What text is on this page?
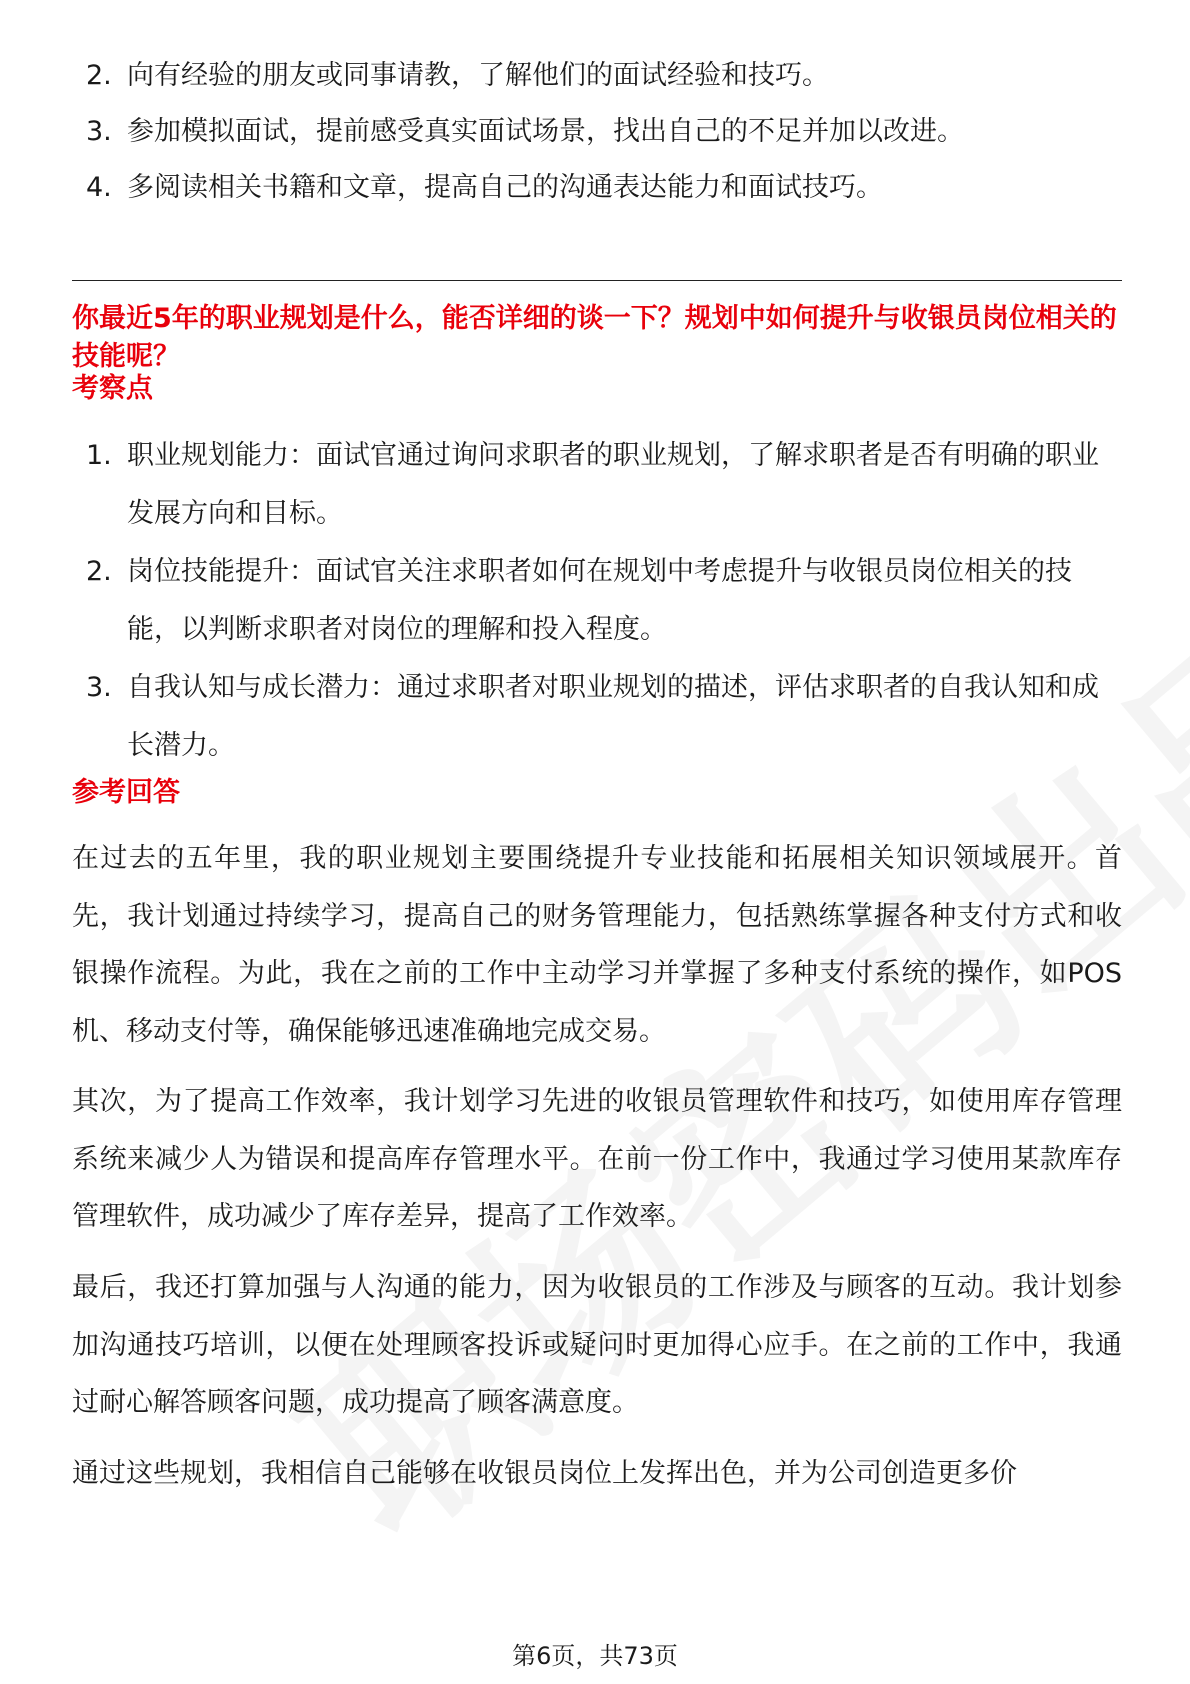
2. 向有经验的朋友或同事请教，了解他们的面试经验和技巧。
3. 参加模拟面试，提前感受真实面试场景，找出自己的不足并加以改进。
4. 多阅读相关书籍和文章，提高自己的沟通表达能力和面试技巧。

你最近5年的职业规划是什么，能否详细的谈一下？规划中如何提升与收银员岗位相关的技能呢？

考察点
1. 职业规划能力：面试官通过询问求职者的职业规划，了解求职者是否有明确的职业发展方向和目标。
2. 岗位技能提升：面试官关注求职者如何在规划中考虑提升与收银员岗位相关的技能，以判断求职者对岗位的理解和投入程度。
3. 自我认知与成长潜力：通过求职者对职业规划的描述，评估求职者的自我认知和成长潜力。
参考回答

在过去的五年里，我的职业规划主要围绕提升专业技能和拓展相关知识领域展开。首先，我计划通过持续学习，提高自己的财务管理能力，包括熟练掌握各种支付方式和收银操作流程。为此，我在之前的工作中主动学习并掌握了多种支付系统的操作，如POS机、移动支付等，确保能够迅速准确地完成交易。

其次，为了提高工作效率，我计划学习先进的收银员管理软件和技巧，如使用库存管理系统来减少人为错误和提高库存管理水平。在前一份工作中，我通过学习使用某款库存管理软件，成功减少了库存差异，提高了工作效率。

最后，我还打算加强与人沟通的能力，因为收银员的工作涉及与顾客的互动。我计划参加沟通技巧培训，以便在处理顾客投诉或疑问时更加得心应手。在之前的工作中，我通过耐心解答顾客问题，成功提高了顾客满意度。

通过这些规划，我相信自己能够在收银员岗位上发挥出色，并为公司创造更多价

第6页，共73页
